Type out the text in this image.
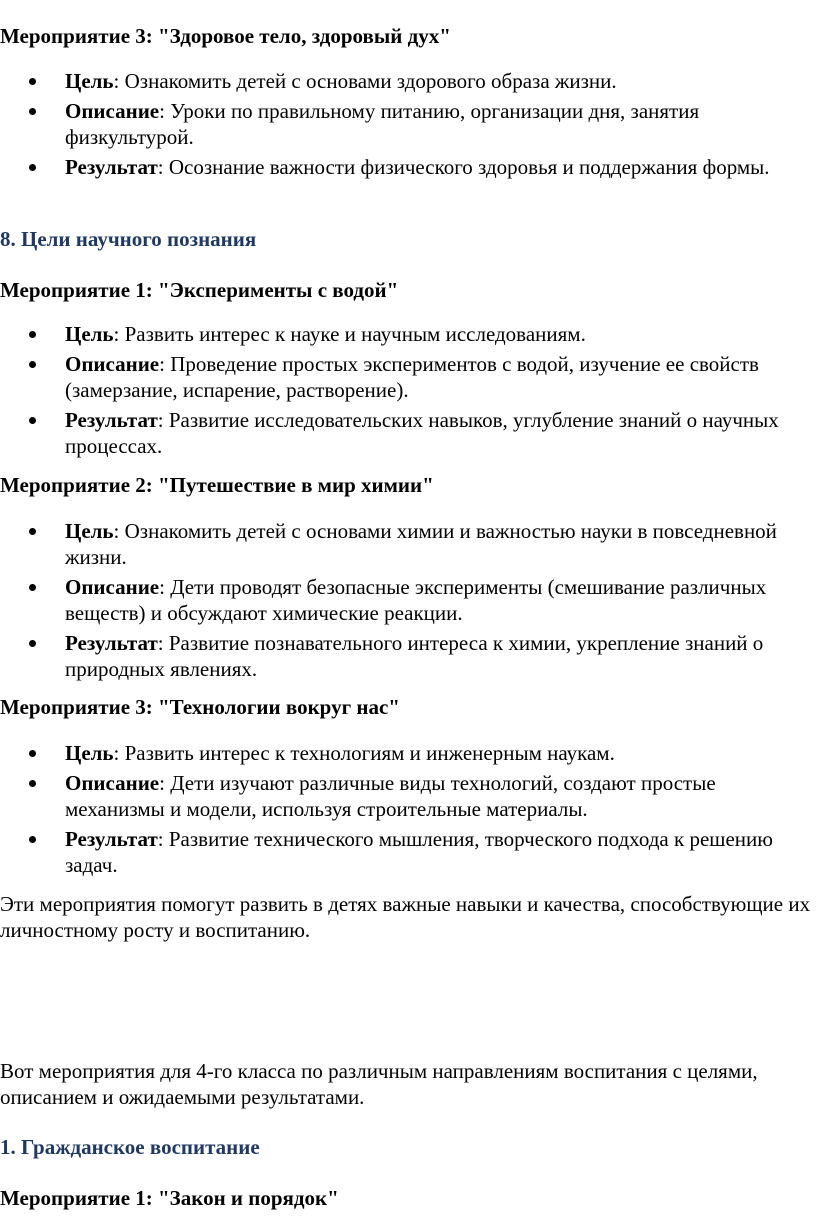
Мероприятие 3: "Здоровое тело, здоровый дух"
Цель: Ознакомить детей с основами здорового образа жизни.
Описание: Уроки по правильному питанию, организации дня, занятия физкультурой.
Результат: Осознание важности физического здоровья и поддержания формы.
8. Цели научного познания
Мероприятие 1: "Эксперименты с водой"
Цель: Развить интерес к науке и научным исследованиям.
Описание: Проведение простых экспериментов с водой, изучение ее свойств (замерзание, испарение, растворение).
Результат: Развитие исследовательских навыков, углубление знаний о научных процессах.
Мероприятие 2: "Путешествие в мир химии"
Цель: Ознакомить детей с основами химии и важностью науки в повседневной жизни.
Описание: Дети проводят безопасные эксперименты (смешивание различных веществ) и обсуждают химические реакции.
Результат: Развитие познавательного интереса к химии, укрепление знаний о природных явлениях.
Мероприятие 3: "Технологии вокруг нас"
Цель: Развить интерес к технологиям и инженерным наукам.
Описание: Дети изучают различные виды технологий, создают простые механизмы и модели, используя строительные материалы.
Результат: Развитие технического мышления, творческого подхода к решению задач.
Эти мероприятия помогут развить в детях важные навыки и качества, способствующие их личностному росту и воспитанию.
Вот мероприятия для 4-го класса по различным направлениям воспитания с целями, описанием и ожидаемыми результатами.
1. Гражданское воспитание
Мероприятие 1: "Закон и порядок"
